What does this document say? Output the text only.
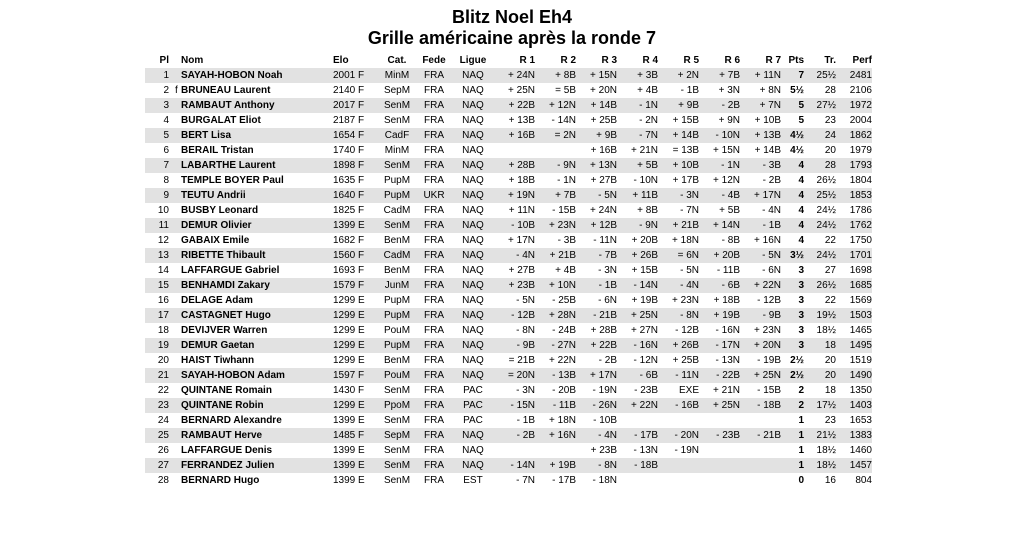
Blitz Noel Eh4
Grille américaine après la ronde 7
Pl		Nom	Elo	Cat.	Fede	Ligue	R 1	R 2	R 3	R 4	R 5	R 6	R 7	Pts	Tr.	Perf
1		SAYAH-HOBON Noah	2001 F	MinM	FRA	NAQ	+ 24N	+ 8B	+ 15N	+ 3B	+ 2N	+ 7B	+ 11N	7	25½	2481
2	f	BRUNEAU Laurent	2140 F	SepM	FRA	NAQ	+ 25N	= 5B	+ 20N	+ 4B	- 1B	+ 3N	+ 8N	5½	28	2106
3		RAMBAUT Anthony	2017 F	SenM	FRA	NAQ	+ 22B	+ 12N	+ 14B	- 1N	+ 9B	- 2B	+ 7N	5	27½	1972
4		BURGALAT Eliot	2187 F	SenM	FRA	NAQ	+ 13B	- 14N	+ 25B	- 2N	+ 15B	+ 9N	+ 10B	5	23	2004
5		BERT Lisa	1654 F	CadF	FRA	NAQ	+ 16B	= 2N	+ 9B	- 7N	+ 14B	- 10N	+ 13B	4½	24	1862
6		BERAIL Tristan	1740 F	MinM	FRA	NAQ			+ 16B	+ 21N	= 13B	+ 15N	+ 14B	4½	20	1979
7		LABARTHE Laurent	1898 F	SenM	FRA	NAQ	+ 28B	- 9N	+ 13N	+ 5B	+ 10B	- 1N	- 3B	4	28	1793
8		TEMPLE BOYER Paul	1635 F	PupM	FRA	NAQ	+ 18B	- 1N	+ 27B	- 10N	+ 17B	+ 12N	- 2B	4	26½	1804
9		TEUTU Andrii	1640 F	PupM	UKR	NAQ	+ 19N	+ 7B	- 5N	+ 11B	- 3N	- 4B	+ 17N	4	25½	1853
10		BUSBY Leonard	1825 F	CadM	FRA	NAQ	+ 11N	- 15B	+ 24N	+ 8B	- 7N	+ 5B	- 4N	4	24½	1786
11		DEMUR Olivier	1399 E	SenM	FRA	NAQ	- 10B	+ 23N	+ 12B	- 9N	+ 21B	+ 14N	- 1B	4	24½	1762
12		GABAIX Emile	1682 F	BenM	FRA	NAQ	+ 17N	- 3B	- 11N	+ 20B	+ 18N	- 8B	+ 16N	4	22	1750
13		RIBETTE Thibault	1560 F	CadM	FRA	NAQ	- 4N	+ 21B	- 7B	+ 26B	= 6N	+ 20B	- 5N	3½	24½	1701
14		LAFFARGUE Gabriel	1693 F	BenM	FRA	NAQ	+ 27B	+ 4B	- 3N	+ 15B	- 5N	- 11B	- 6N	3	27	1698
15		BENHAMDI Zakary	1579 F	JunM	FRA	NAQ	+ 23B	+ 10N	- 1B	- 14N	- 4N	- 6B	+ 22N	3	26½	1685
16		DELAGE Adam	1299 E	PupM	FRA	NAQ	- 5N	- 25B	- 6N	+ 19B	+ 23N	+ 18B	- 12B	3	22	1569
17		CASTAGNET Hugo	1299 E	PupM	FRA	NAQ	- 12B	+ 28N	- 21B	+ 25N	- 8N	+ 19B	- 9B	3	19½	1503
18		DEVIJVER Warren	1299 E	PouM	FRA	NAQ	- 8N	- 24B	+ 28B	+ 27N	- 12B	- 16N	+ 23N	3	18½	1465
19		DEMUR Gaetan	1299 E	PupM	FRA	NAQ	- 9B	- 27N	+ 22B	- 16N	+ 26B	- 17N	+ 20N	3	18	1495
20		HAIST Tiwhann	1299 E	BenM	FRA	NAQ	= 21B	+ 22N	- 2B	- 12N	+ 25B	- 13N	- 19B	2½	20	1519
21		SAYAH-HOBON Adam	1597 F	PouM	FRA	NAQ	= 20N	- 13B	+ 17N	- 6B	- 11N	- 22B	+ 25N	2½	20	1490
22		QUINTANE Romain	1430 F	SenM	FRA	PAC	- 3N	- 20B	- 19N	- 23B	EXE	+ 21N	- 15B	2	18	1350
23		QUINTANE Robin	1299 E	PpoM	FRA	PAC	- 15N	- 11B	- 26N	+ 22N	- 16B	+ 25N	- 18B	2	17½	1403
24		BERNARD Alexandre	1399 E	SenM	FRA	PAC	- 1B	+ 18N	- 10B					1	23	1653
25		RAMBAUT Herve	1485 F	SepM	FRA	NAQ	- 2B	+ 16N	- 4N	- 17B	- 20N	- 23B	- 21B	1	21½	1383
26		LAFFARGUE Denis	1399 E	SenM	FRA	NAQ			+ 23B	- 13N	- 19N			1	18½	1460
27		FERRANDEZ Julien	1399 E	SenM	FRA	NAQ	- 14N	+ 19B	- 8N	- 18B				1	18½	1457
28		BERNARD Hugo	1399 E	SenM	FRA	EST	- 7N	- 17B	- 18N					0	16	804
